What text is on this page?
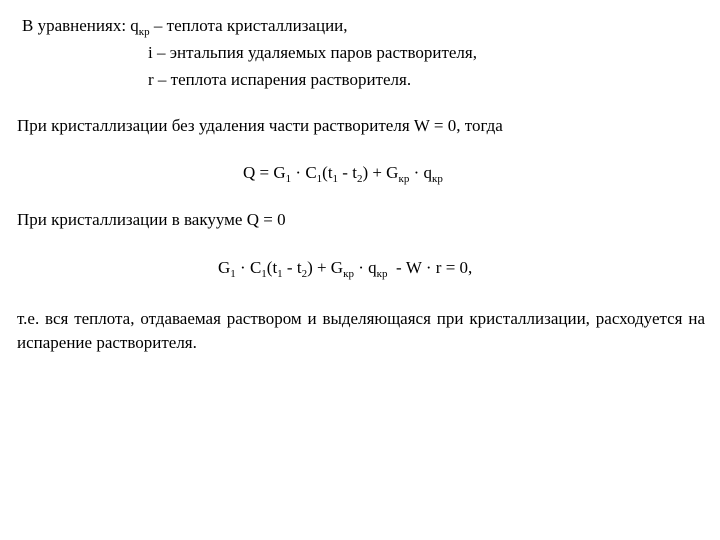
В уравнениях: $q_{кр}$ – теплота кристаллизации,
i – энтальпия удаляемых паров растворителя,
r – теплота испарения растворителя.
При кристаллизации без удаления части растворителя W = 0, тогда
$Q = G_1 \cdot C_1(t_1 - t_2) + G_{кр} \cdot q_{кр}$
При кристаллизации в вакууме Q = 0
$G_1 \cdot C_1(t_1 - t_2) + G_{кр} \cdot q_{кр} - W \cdot r = 0$,
т.е. вся теплота, отдаваемая раствором и выделяющаяся при кристаллизации, расходуется на испарение растворителя.
